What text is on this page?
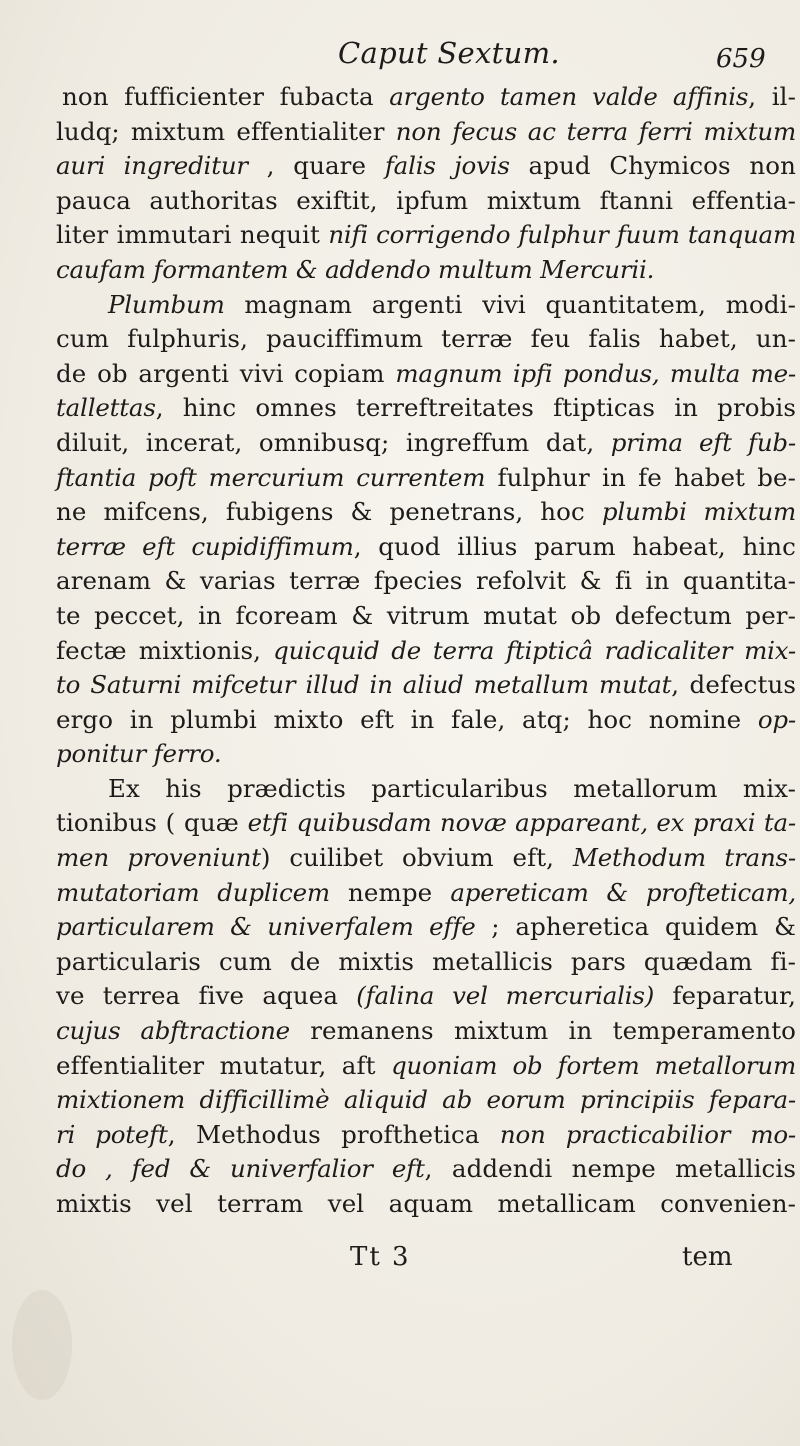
Caput Sextum.	659
non fufficienter fubacta argento tamen valde affinis, il-
ludq; mixtum effentialiter non fecus ac terra ferri mixtum
auri ingreditur , quare falis jovis apud Chymicos non
pauca authoritas exiftit, ipfum mixtum ftanni effentia-
liter immutari nequit nifi corrigendo fulphur fuum tanquam
caufam formantem & addendo multum Mercurii.
Plumbum magnam argenti vivi quantitatem, modi-
cum fulphuris, pauciffimum terræ feu falis habet, un-
de ob argenti vivi copiam magnum ipfi pondus, multa me-
tallettas, hinc omnes terreftreitates ftipticas in probis
diluit, incerat, omnibusq; ingreffum dat, prima eft fub-
ftantia poft mercurium currentem fulphur in fe habet be-
ne mifcens, fubigens & penetrans, hoc plumbi mixtum
terræ eft cupidiffimum, quod illius parum habeat, hinc
arenam & varias terræ fpecies refolvit & fi in quantita-
te peccet, in fcoream & vitrum mutat ob defectum per-
fectæ mixtionis, quicquid de terra ftipticâ radicaliter mix-
to Saturni mifcetur illud in aliud metallum mutat, defectus
ergo in plumbi mixto eft in fale, atq; hoc nomine op-
ponitur ferro.
Ex his prædictis particularibus metallorum mix-
tionibus ( quæ etfi quibusdam novæ appareant, ex praxi ta-
men proveniunt) cuilibet obvium eft, Methodum trans-
mutatoriam duplicem nempe apereticam & profteticam,
particularem & univerfalem effe ; apheretica quidem &
particularis cum de mixtis metallicis pars quædam fi-
ve terrea five aquea (falina vel mercurialis) feparatur,
cujus abftractione remanens mixtum in temperamento
effentialiter mutatur, aft quoniam ob fortem metallorum
mixtionem difficillimè aliquid ab eorum principiis fepara-
ri poteft, Methodus profthetica non practicabilior mo-
do , fed & univerfalior eft, addendi nempe metallicis
mixtis vel terram vel aquam metallicam convenien-
Tt 3	tem
